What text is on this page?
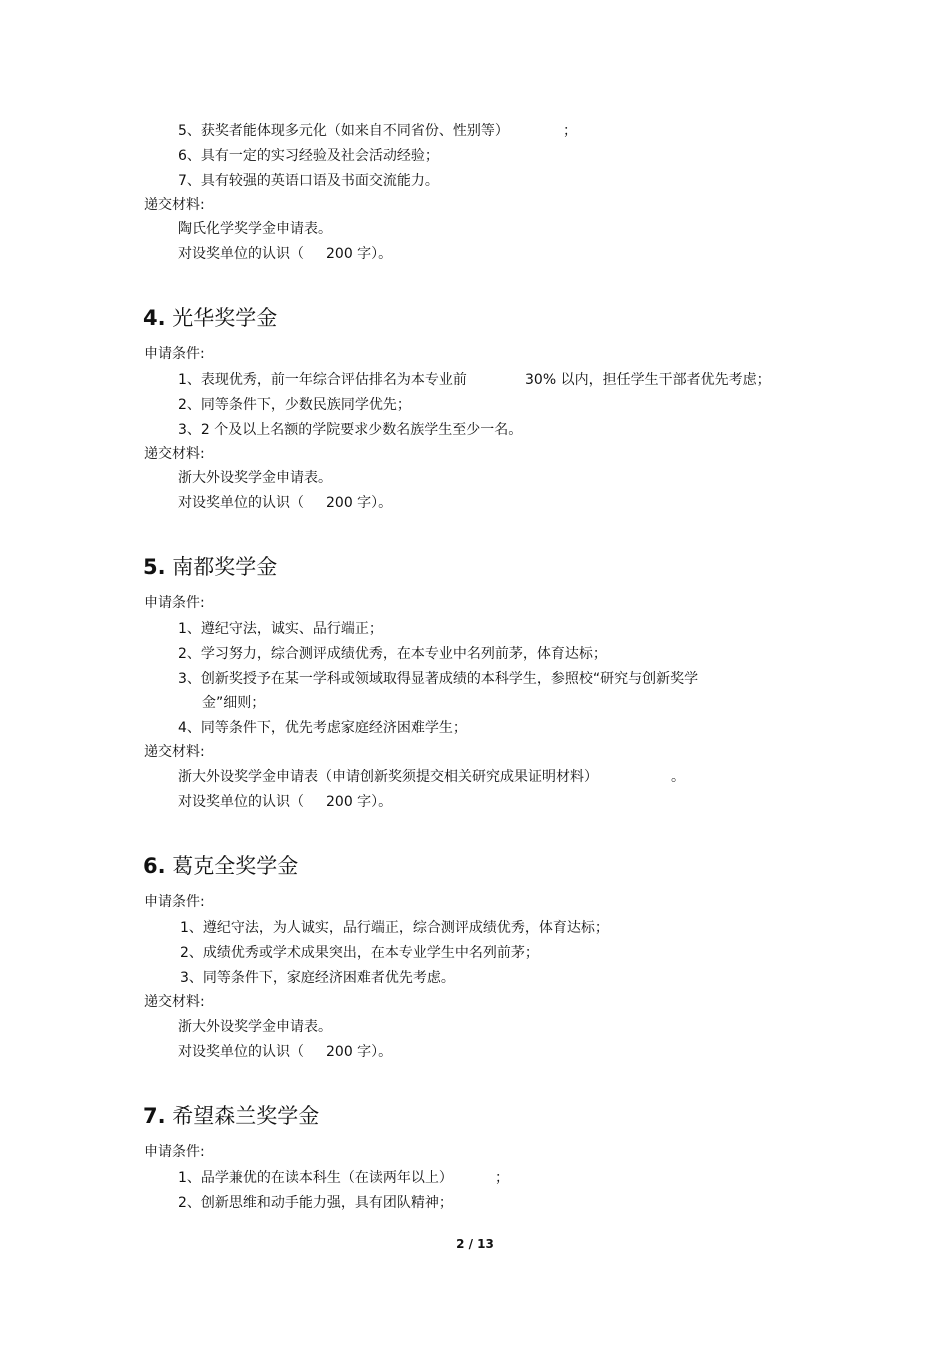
5、获奖者能体现多元化（如来自不同省份、性别等）	；
6、具有一定的实习经验及社会活动经验；
7、具有较强的英语口语及书面交流能力。
递交材料:
陶氏化学奖学金申请表。
对设奖单位的认识（ 200 字）。
4. 光华奖学金
申请条件:
1、表现优秀，前一年综合评估排名为本专业前	30% 以内，担任学生干部者优先考虑；
2、同等条件下，少数民族同学优先；
3、2 个及以上名额的学院要求少数名族学生至少一名。
递交材料:
浙大外设奖学金申请表。
对设奖单位的认识（ 200 字）。
5. 南都奖学金
申请条件:
1、遵纪守法，诚实、品行端正；
2、学习努力，综合测评成绩优秀，在本专业中名列前茅，体育达标；
3、创新奖授予在某一学科或领域取得显著成绩的本科学生，参照校“研究与创新奖学
金”细则；
4、同等条件下，优先考虑家庭经济困难学生；
递交材料:
浙大外设奖学金申请表（申请创新奖须提交相关研究成果证明材料）	。
对设奖单位的认识（ 200 字）。
6. 葛克全奖学金
申请条件:
1、遵纪守法，为人诚实，品行端正，综合测评成绩优秀，体育达标；
2、成绩优秀或学术成果突出，在本专业学生中名列前茅；
3、同等条件下，家庭经济困难者优先考虑。
递交材料:
浙大外设奖学金申请表。
对设奖单位的认识（ 200 字）。
7. 希望森兰奖学金
申请条件:
1、品学兼优的在读本科生（在读两年以上）	；
2、创新思维和动手能力强，具有团队精神；
2 / 13
